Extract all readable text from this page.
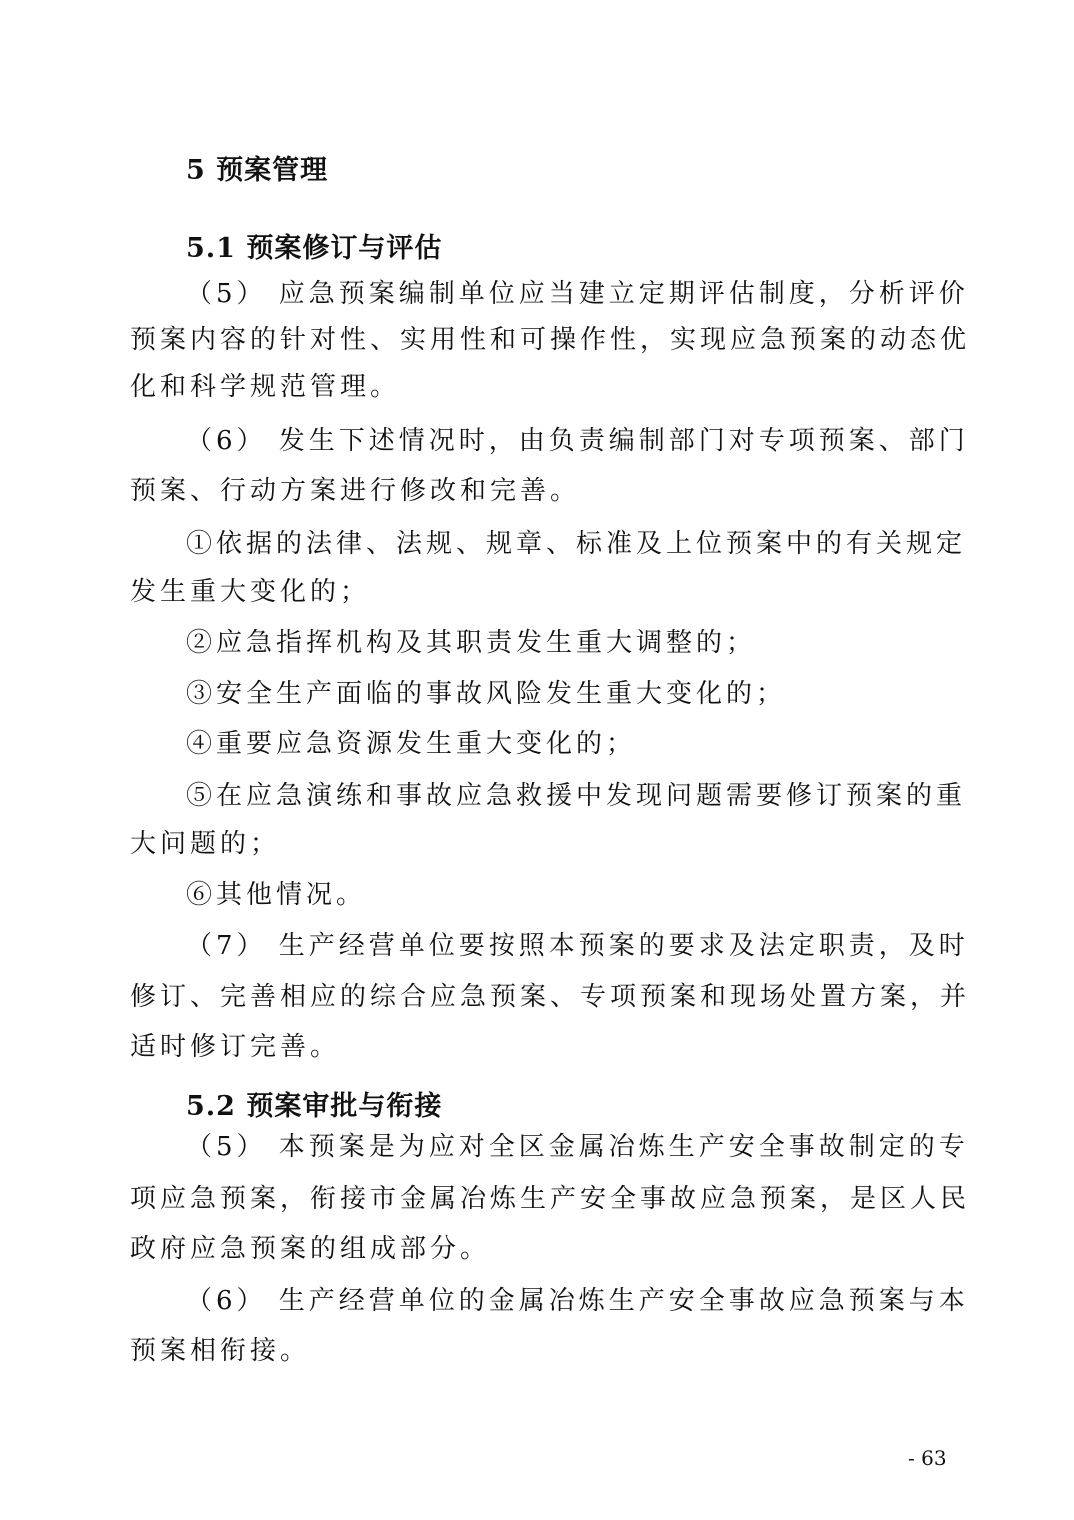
5 预案管理
5.1 预案修订与评估
（5） 应急预案编制单位应当建立定期评估制度，分析评价
预案内容的针对性、实用性和可操作性，实现应急预案的动态优
化和科学规范管理。
（6） 发生下述情况时，由负责编制部门对专项预案、部门
预案、行动方案进行修改和完善。
①依据的法律、法规、规章、标准及上位预案中的有关规定
发生重大变化的；
②应急指挥机构及其职责发生重大调整的；
③安全生产面临的事故风险发生重大变化的；
④重要应急资源发生重大变化的；
⑤在应急演练和事故应急救援中发现问题需要修订预案的重
大问题的；
⑥其他情况。
（7） 生产经营单位要按照本预案的要求及法定职责，及时
修订、完善相应的综合应急预案、专项预案和现场处置方案，并
适时修订完善。
5.2 预案审批与衔接
（5） 本预案是为应对全区金属冶炼生产安全事故制定的专
项应急预案，衔接市金属冶炼生产安全事故应急预案，是区人民
政府应急预案的组成部分。
（6） 生产经营单位的金属冶炼生产安全事故应急预案与本
预案相衔接。
- 63
